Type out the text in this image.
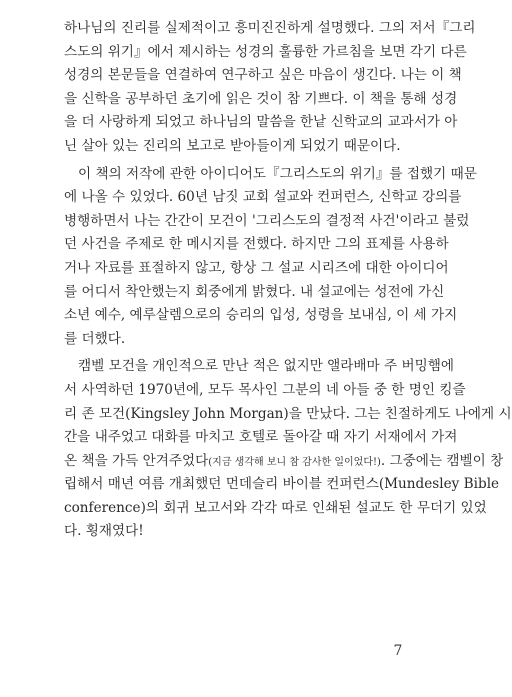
하나님의 진리를 실제적이고 흥미진진하게 설명했다. 그의 저서『그리
스도의 위기』에서 제시하는 성경의 훌륭한 가르침을 보면 각기 다른
성경의 본문들을 연결하여 연구하고 싶은 마음이 생긴다. 나는 이 책
을 신학을 공부하던 초기에 읽은 것이 참 기쁘다. 이 책을 통해 성경
을 더 사랑하게 되었고 하나님의 말씀을 한낱 신학교의 교과서가 아
닌 살아 있는 진리의 보고로 받아들이게 되었기 때문이다.
이 책의 저작에 관한 아이디어도『그리스도의 위기』를 접했기 때문
에 나올 수 있었다. 60년 남짓 교회 설교와 컨퍼런스, 신학교 강의를
병행하면서 나는 간간이 모건이 '그리스도의 결정적 사건'이라고 불렀
던 사건을 주제로 한 메시지를 전했다. 하지만 그의 표제를 사용하
거나 자료를 표절하지 않고, 항상 그 설교 시리즈에 대한 아이디어
를 어디서 착안했는지 회중에게 밝혔다. 내 설교에는 성전에 가신
소년 예수, 예루살렘으로의 승리의 입성, 성령을 보내심, 이 세 가지
를 더했다.
캠벨 모건을 개인적으로 만난 적은 없지만 앨라배마 주 버밍햄에
서 사역하던 1970년에, 모두 목사인 그분의 네 아들 중 한 명인 킹즐
리 존 모건(Kingsley John Morgan)을 만났다. 그는 친절하게도 나에게 시
간을 내주었고 대화를 마치고 호텔로 돌아갈 때 자기 서재에서 가져
온 책을 가득 안겨주었다(지금 생각해 보니 참 감사한 일이었다!). 그중에는 캠벨이 창
립해서 매년 여름 개최했던 먼데슬리 바이블 컨퍼런스(Mundesley Bible
conference)의 회귀 보고서와 각각 따로 인쇄된 설교도 한 무더기 있었
다. 횡재였다!
7
